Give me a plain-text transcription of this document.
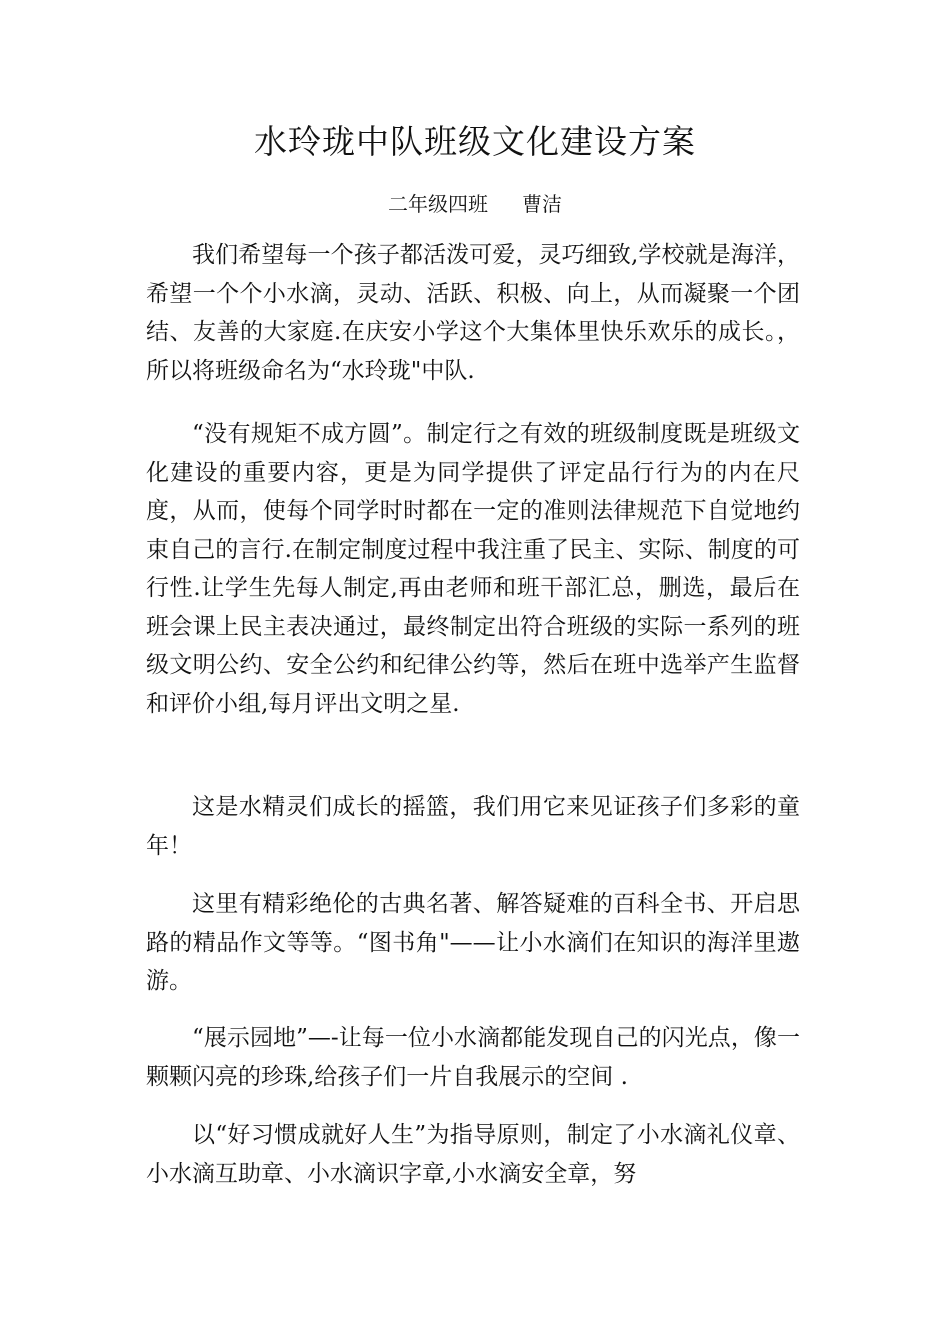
水玲珑中队班级文化建设方案

二年级四班 曹洁

我们希望每一个孩子都活泼可爱，灵巧细致,学校就是海洋，希望一个个小水滴，灵动、活跃、积极、向上，从而凝聚一个团结、友善的大家庭.在庆安小学这个大集体里快乐欢乐的成长。，所以将班级命名为“水玲珑"中队.

“没有规矩不成方圆”。制定行之有效的班级制度既是班级文化建设的重要内容，更是为同学提供了评定品行行为的内在尺度，从而，使每个同学时时都在一定的准则法律规范下自觉地约束自己的言行.在制定制度过程中我注重了民主、实际、制度的可行性.让学生先每人制定,再由老师和班干部汇总，删选，最后在班会课上民主表决通过，最终制定出符合班级的实际一系列的班级文明公约、安全公约和纪律公约等，然后在班中选举产生监督和评价小组,每月评出文明之星.

这是水精灵们成长的摇篮，我们用它来见证孩子们多彩的童年！

这里有精彩绝伦的古典名著、解答疑难的百科全书、开启思路的精品作文等等。“图书角"——让小水滴们在知识的海洋里遨游。

“展示园地”—-让每一位小水滴都能发现自己的闪光点，像一颗颗闪亮的珍珠,给孩子们一片自我展示的空间 .

以“好习惯成就好人生”为指导原则，制定了小水滴礼仪章、小水滴互助章、小水滴识字章,小水滴安全章，努
